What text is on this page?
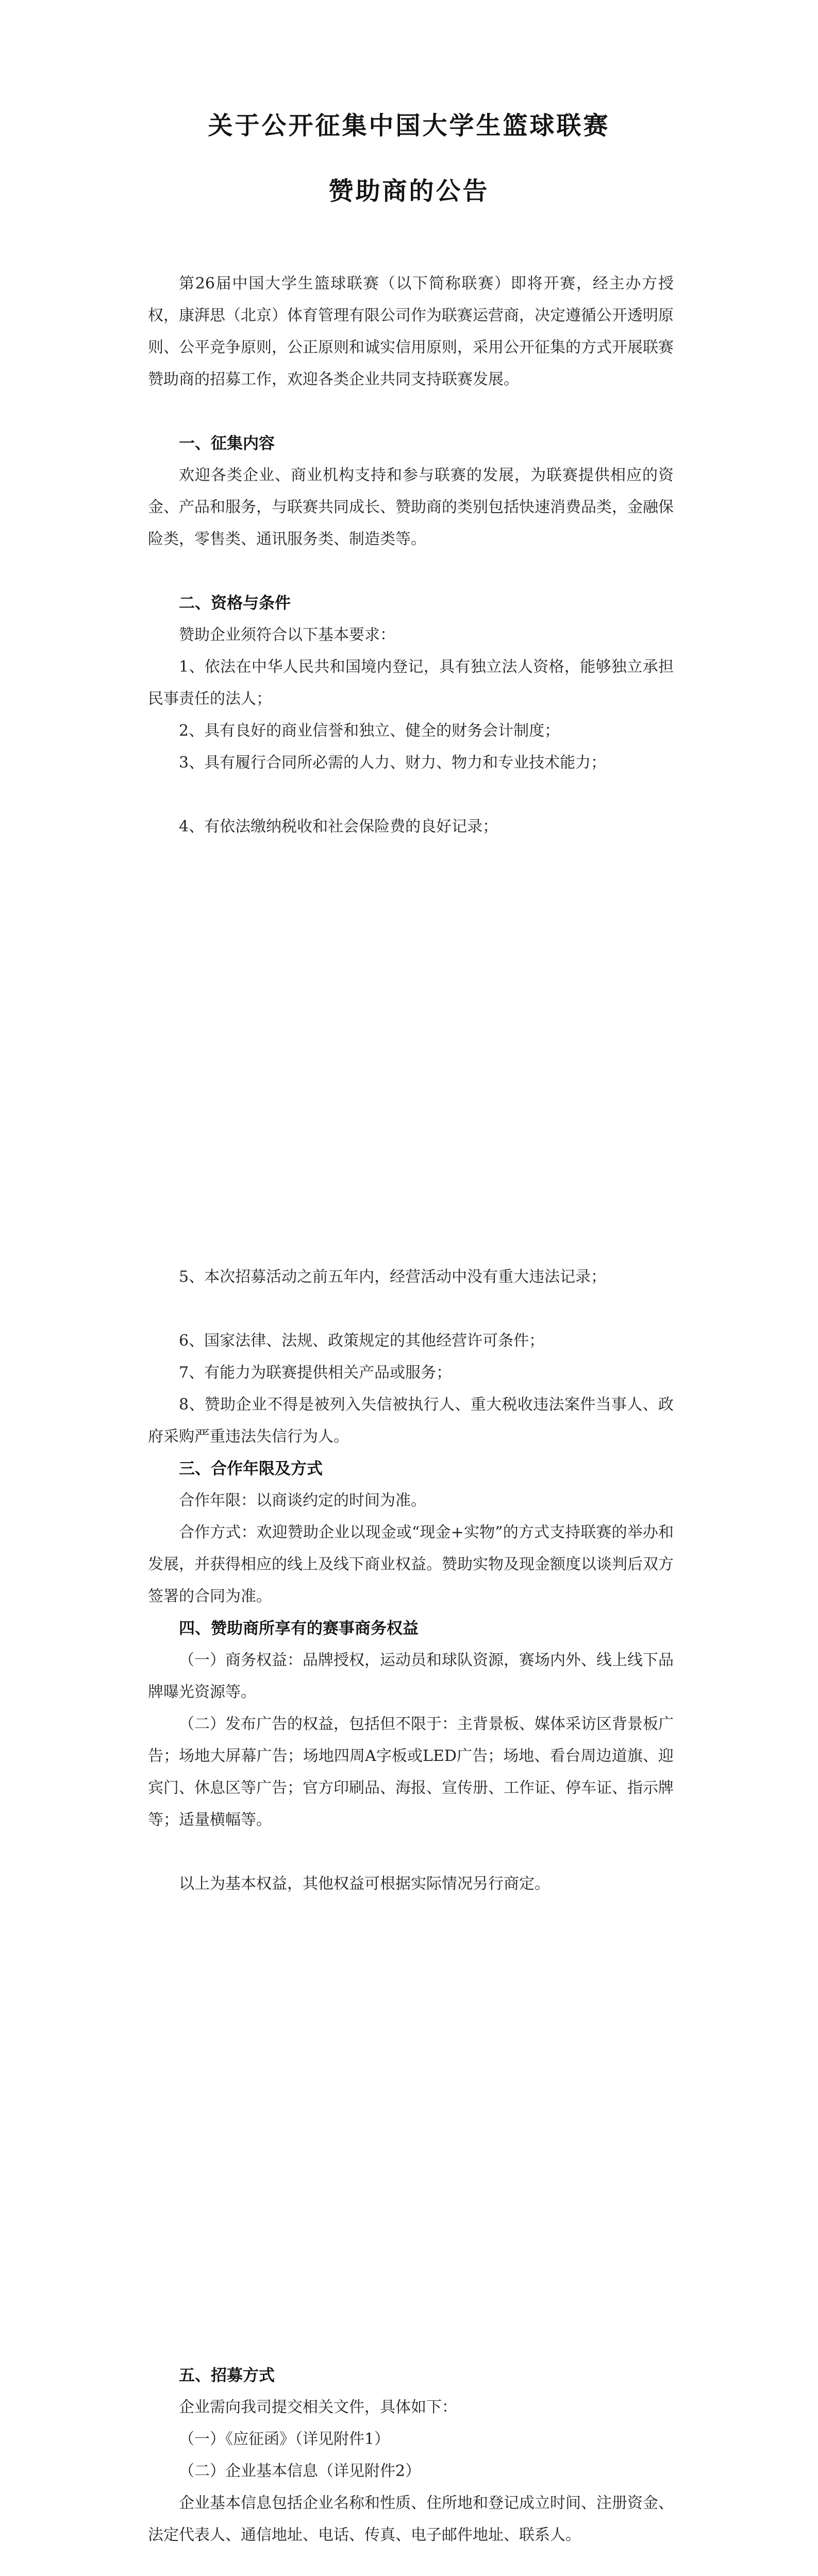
关于公开征集中国大学生篮球联赛
赞助商的公告
第26届中国大学生篮球联赛（以下简称联赛）即将开赛，经主办方授权，康湃思（北京）体育管理有限公司作为联赛运营商，决定遵循公开透明原则、公平竞争原则，公正原则和诚实信用原则，采用公开征集的方式开展联赛赞助商的招募工作，欢迎各类企业共同支持联赛发展。
一、征集内容
欢迎各类企业、商业机构支持和参与联赛的发展，为联赛提供相应的资金、产品和服务，与联赛共同成长、赞助商的类别包括快速消费品类，金融保险类，零售类、通讯服务类、制造类等。
二、资格与条件
赞助企业须符合以下基本要求：
1、依法在中华人民共和国境内登记，具有独立法人资格，能够独立承担民事责任的法人；
2、具有良好的商业信誉和独立、健全的财务会计制度；
3、具有履行合同所必需的人力、财力、物力和专业技术能力；
4、有依法缴纳税收和社会保险费的良好记录；
5、本次招募活动之前五年内，经营活动中没有重大违法记录；
6、国家法律、法规、政策规定的其他经营许可条件；
7、有能力为联赛提供相关产品或服务；
8、赞助企业不得是被列入失信被执行人、重大税收违法案件当事人、政府采购严重违法失信行为人。
三、合作年限及方式
合作年限：以商谈约定的时间为准。
合作方式：欢迎赞助企业以现金或“现金+实物”的方式支持联赛的举办和发展，并获得相应的线上及线下商业权益。赞助实物及现金额度以谈判后双方签署的合同为准。
四、赞助商所享有的赛事商务权益
（一）商务权益：品牌授权，运动员和球队资源，赛场内外、线上线下品牌曝光资源等。
（二）发布广告的权益，包括但不限于：主背景板、媒体采访区背景板广告；场地大屏幕广告；场地四周A字板或LED广告；场地、看台周边道旗、迎宾门、休息区等广告；官方印刷品、海报、宣传册、工作证、停车证、指示牌等；适量横幅等。
以上为基本权益，其他权益可根据实际情况另行商定。
五、招募方式
企业需向我司提交相关文件，具体如下：
（一）《应征函》（详见附件1）
（二）企业基本信息（详见附件2）
企业基本信息包括企业名称和性质、住所地和登记成立时间、注册资金、法定代表人、通信地址、电话、传真、电子邮件地址、联系人。
